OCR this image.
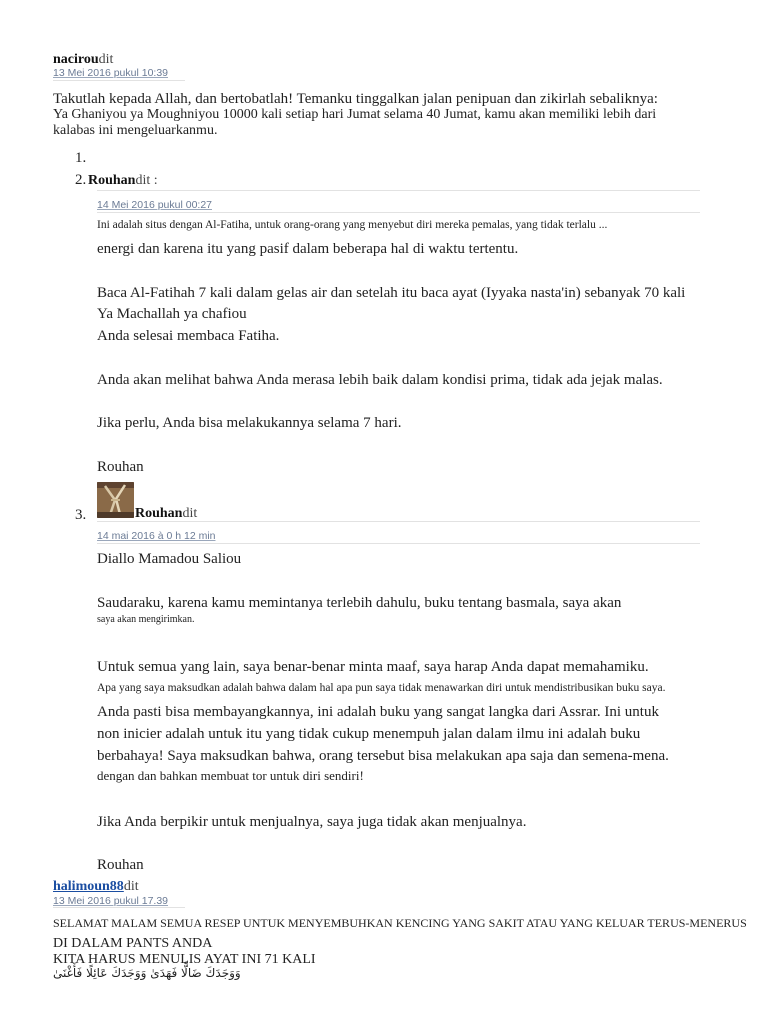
naciroudit
13 Mei 2016 pukul 10:39
Takutlah kepada Allah, dan bertobatlah! Temanku tinggalkan jalan penipuan dan zikirlah sebaliknya:
Ya Ghaniyou ya Moughniyou 10000 kali setiap hari Jumat selama 40 Jumat, kamu akan memiliki lebih dari
kalabas ini mengeluarkanmu.
1.
2. Rouhandit :
14 Mei 2016 pukul 00:27
Ini adalah situs dengan Al-Fatiha, untuk orang-orang yang menyebut diri mereka pemalas, yang tidak terlalu ...
energi dan karena itu yang pasif dalam beberapa hal di waktu tertentu.
Baca Al-Fatihah 7 kali dalam gelas air dan setelah itu baca ayat (Iyyaka nasta'in) sebanyak 70 kali
Ya Machallah ya chafiou
Anda selesai membaca Fatiha.
Anda akan melihat bahwa Anda merasa lebih baik dalam kondisi prima, tidak ada jejak malas.
Jika perlu, Anda bisa melakukannya selama 7 hari.
Rouhan
3.	Rouhandit
14 mai 2016 à 0 h 12 min
Diallo Mamadou Saliou
Saudaraku, karena kamu memintanya terlebih dahulu, buku tentang basmala, saya akan
saya akan mengirimkan.
Untuk semua yang lain, saya benar-benar minta maaf, saya harap Anda dapat memahamiku.
Apa yang saya maksudkan adalah bahwa dalam hal apa pun saya tidak menawarkan diri untuk mendistribusikan buku saya.
Anda pasti bisa membayangkannya, ini adalah buku yang sangat langka dari Assrar. Ini untuk
non inicier adalah untuk itu yang tidak cukup menempuh jalan dalam ilmu ini adalah buku
berbahaya! Saya maksudkan bahwa, orang tersebut bisa melakukan apa saja dan semena-mena.
dengan dan bahkan membuat tor untuk diri sendiri!
Jika Anda berpikir untuk menjualnya, saya juga tidak akan menjualnya.
Rouhan
halimoun88dit
13 Mei 2016 pukul 17.39
SELAMAT MALAM SEMUA RESEP UNTUK MENYEMBUHKAN KENCING YANG SAKIT ATAU YANG KELUAR TERUS-MENERUS
DI DALAM PANTS ANDA
KITA HARUS MENULIS AYAT INI 71 KALI
وَوَجَدَكَ ضَالًّا فَهَدَىٰ وَوَجَدَكَ عَائِلًا فَأَغْنَىٰ
